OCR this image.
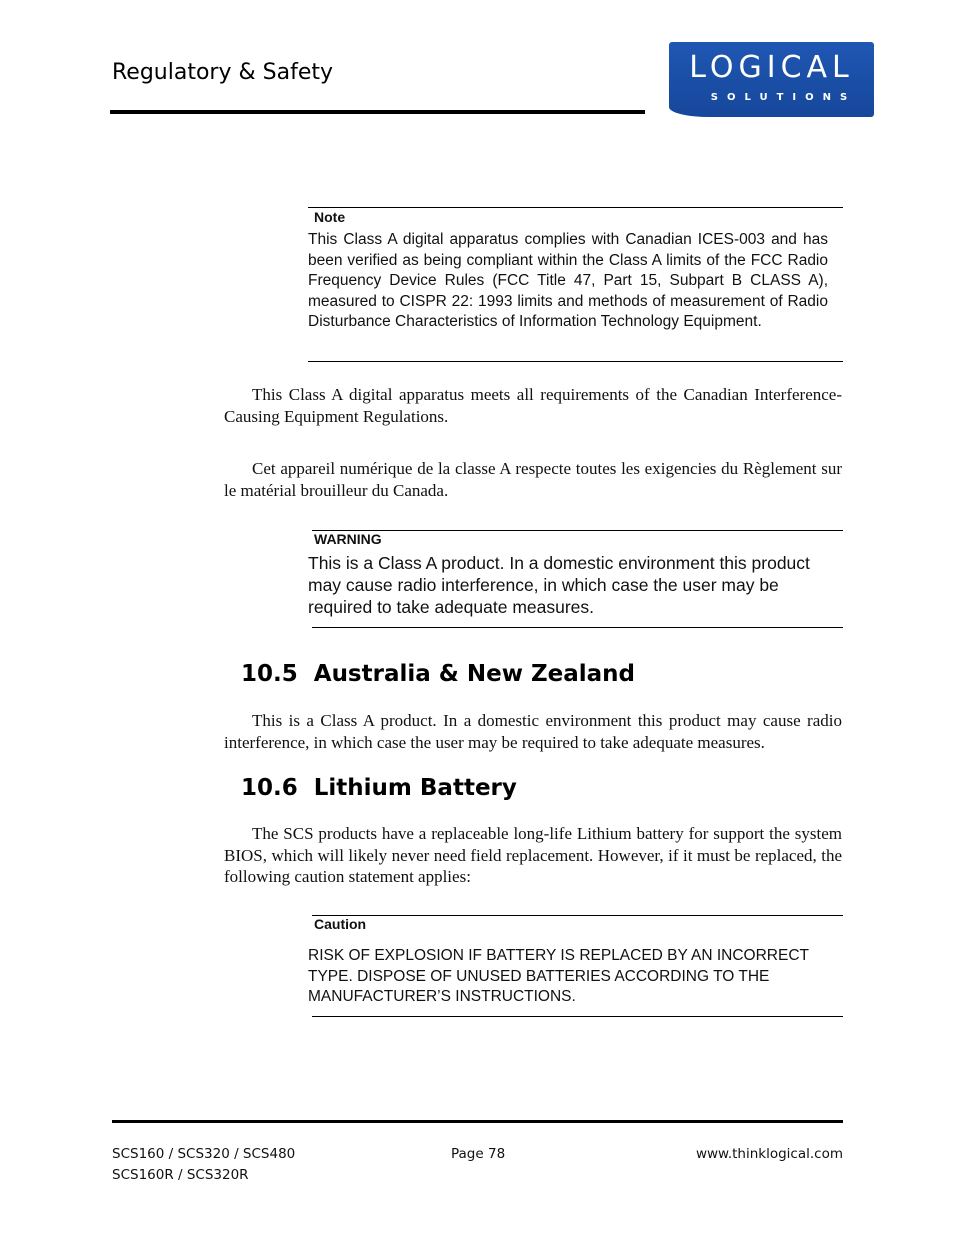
Regulatory & Safety	LOGICAL
SOLUTIONS
Note
This Class A digital apparatus complies with Canadian ICES-003 and has been verified as being compliant within the Class A limits of the FCC Radio Frequency Device Rules (FCC Title 47, Part 15, Subpart B CLASS A), measured to CISPR 22: 1993 limits and methods of measurement of Radio Disturbance Characteristics of Information Technology Equipment.
This Class A digital apparatus meets all requirements of the Canadian Interference-Causing Equipment Regulations.
Cet appareil numérique de la classe A respecte toutes les exigencies du Règlement sur le matérial brouilleur du Canada.
WARNING
This is a Class A product. In a domestic environment this product may cause radio interference, in which case the user may be required to take adequate measures.
10.5  Australia & New Zealand
This is a Class A product. In a domestic environment this product may cause radio interference, in which case the user may be required to take adequate measures.
10.6  Lithium Battery
The SCS products have a replaceable long-life Lithium battery for support the system BIOS, which will likely never need field replacement. However, if it must be replaced, the following caution statement applies:
Caution
RISK OF EXPLOSION IF BATTERY IS REPLACED BY AN INCORRECT TYPE. DISPOSE OF UNUSED BATTERIES ACCORDING TO THE MANUFACTURER’S INSTRUCTIONS.
SCS160 / SCS320 / SCS480
SCS160R / SCS320R
Page 78	www.thinklogical.com
